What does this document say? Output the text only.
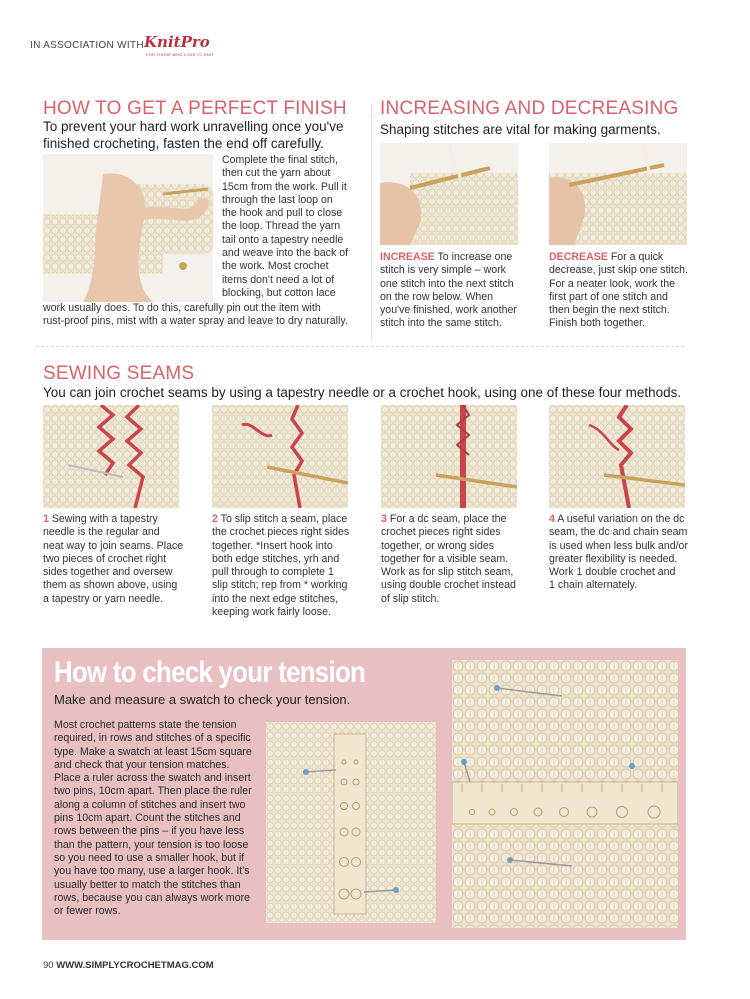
IN ASSOCIATION WITH KnitPro
FOR THOSE WHO LOVE TO KNIT
HOW TO GET A PERFECT FINISH
To prevent your hard work unravelling once you've finished crocheting, fasten the end off carefully.
Complete the final stitch,
then cut the yarn about
15cm from the work. Pull it
through the last loop on
the hook and pull to close
the loop. Thread the yarn
tail onto a tapestry needle
and weave into the back of
the work. Most crochet
items don't need a lot of
blocking, but cotton lace
work usually does. To do this, carefully pin out the item with
rust-proof pins, mist with a water spray and leave to dry naturally.
INCREASING AND DECREASING
Shaping stitches are vital for making garments.
INCREASE To increase one
stitch is very simple – work
one stitch into the next stitch
on the row below. When
you've finished, work another
stitch into the same stitch.
DECREASE For a quick
decrease, just skip one stitch.
For a neater look, work the
first part of one stitch and
then begin the next stitch.
Finish both together.
SEWING SEAMS
You can join crochet seams by using a tapestry needle or a crochet hook, using one of these four methods.
1 Sewing with a tapestry
needle is the regular and
neat way to join seams. Place
two pieces of crochet right
sides together and oversew
them as shown above, using
a tapestry or yarn needle.
2 To slip stitch a seam, place
the crochet pieces right sides
together. *Insert hook into
both edge stitches, yrh and
pull through to complete 1
slip stitch; rep from * working
into the next edge stitches,
keeping work fairly loose.
3 For a dc seam, place the
crochet pieces right sides
together, or wrong sides
together for a visible seam.
Work as for slip stitch seam,
using double crochet instead
of slip stitch.
4 A useful variation on the dc
seam, the dc and chain seam
is used when less bulk and/or
greater flexibility is needed.
Work 1 double crochet and
1 chain alternately.
How to check your tension
Make and measure a swatch to check your tension.
Most crochet patterns state the tension
required, in rows and stitches of a specific
type. Make a swatch at least 15cm square
and check that your tension matches.
Place a ruler across the swatch and insert
two pins, 10cm apart. Then place the ruler
along a column of stitches and insert two
pins 10cm apart. Count the stitches and
rows between the pins – if you have less
than the pattern, your tension is too loose
so you need to use a smaller hook, but if
you have too many, use a larger hook. It's
usually better to match the stitches than
rows, because you can always work more
or fewer rows.
90 WWW.SIMPLYCROCHETMAG.COM
